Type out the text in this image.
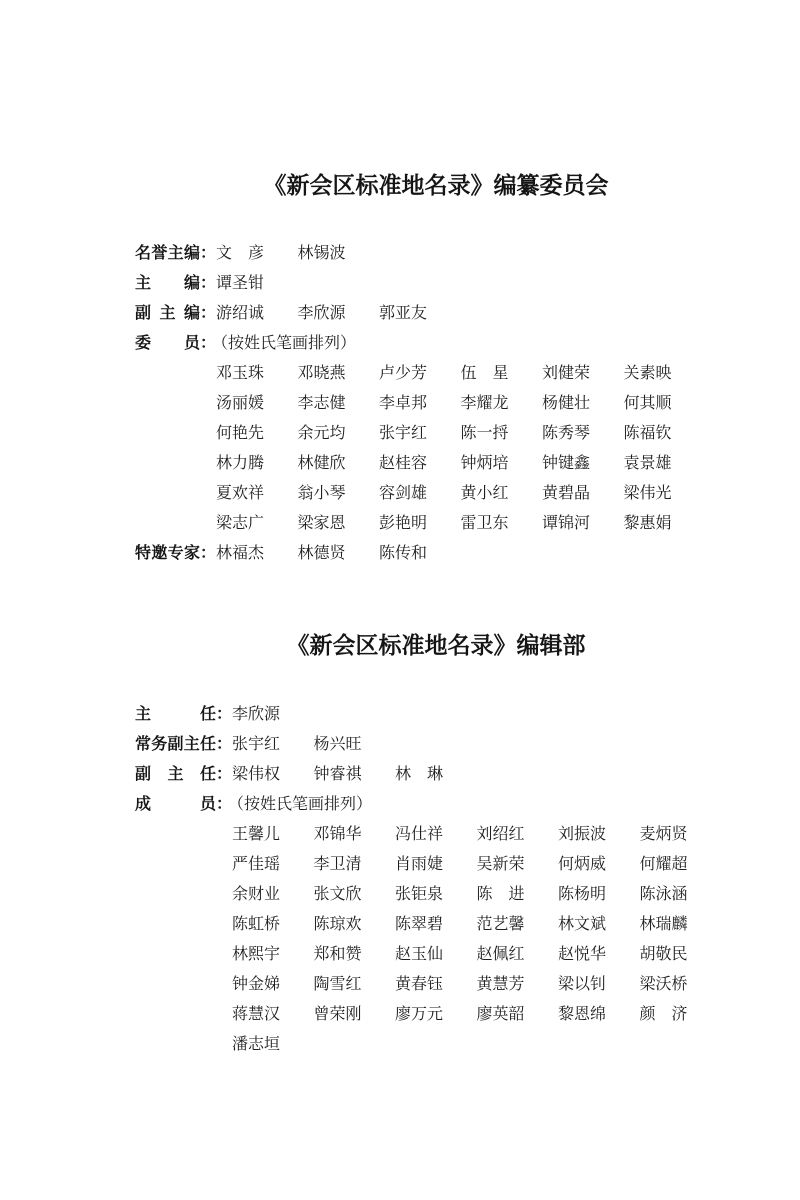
《新会区标准地名录》编纂委员会
名誉主编 ： 文　彦	林锡波
主编 ： 谭圣钳
副主编 ： 游绍诚	李欣源	郭亚友
委员 ：
（按姓氏笔画排列）
邓玉珠	邓晓燕	卢少芳	伍　星	刘健荣	关素映
汤丽媛	李志健	李卓邦	李耀龙	杨健壮	何其顺
何艳先	余元均	张宇红	陈一捋	陈秀琴	陈福钦
林力腾	林健欣	赵桂容	钟炳培	钟键鑫	袁景雄
夏欢祥	翁小琴	容剑雄	黄小红	黄碧晶	梁伟光
梁志广	梁家恩	彭艳明	雷卫东	谭锦河	黎惠娟
特邀专家 ： 林福杰	林德贤	陈传和
《新会区标准地名录》编辑部
主任 ： 李欣源
常务副主任 ： 张宇红	杨兴旺
副主任 ： 梁伟权	钟睿祺	林　琳
成员 ：
（按姓氏笔画排列）
王馨儿	邓锦华	冯仕祥	刘绍红	刘振波	麦炳贤
严佳瑶	李卫清	肖雨婕	吴新荣	何炳威	何耀超
余财业	张文欣	张钜泉	陈　进	陈杨明	陈泳涵
陈虹桥	陈琼欢	陈翠碧	范艺馨	林文斌	林瑞麟
林熙宇	郑和赞	赵玉仙	赵佩红	赵悦华	胡敬民
钟金娣	陶雪红	黄春钰	黄慧芳	梁以钊	梁沃桥
蒋慧汉	曾荣刚	廖万元	廖英韶	黎恩绵	颜　济
潘志垣
